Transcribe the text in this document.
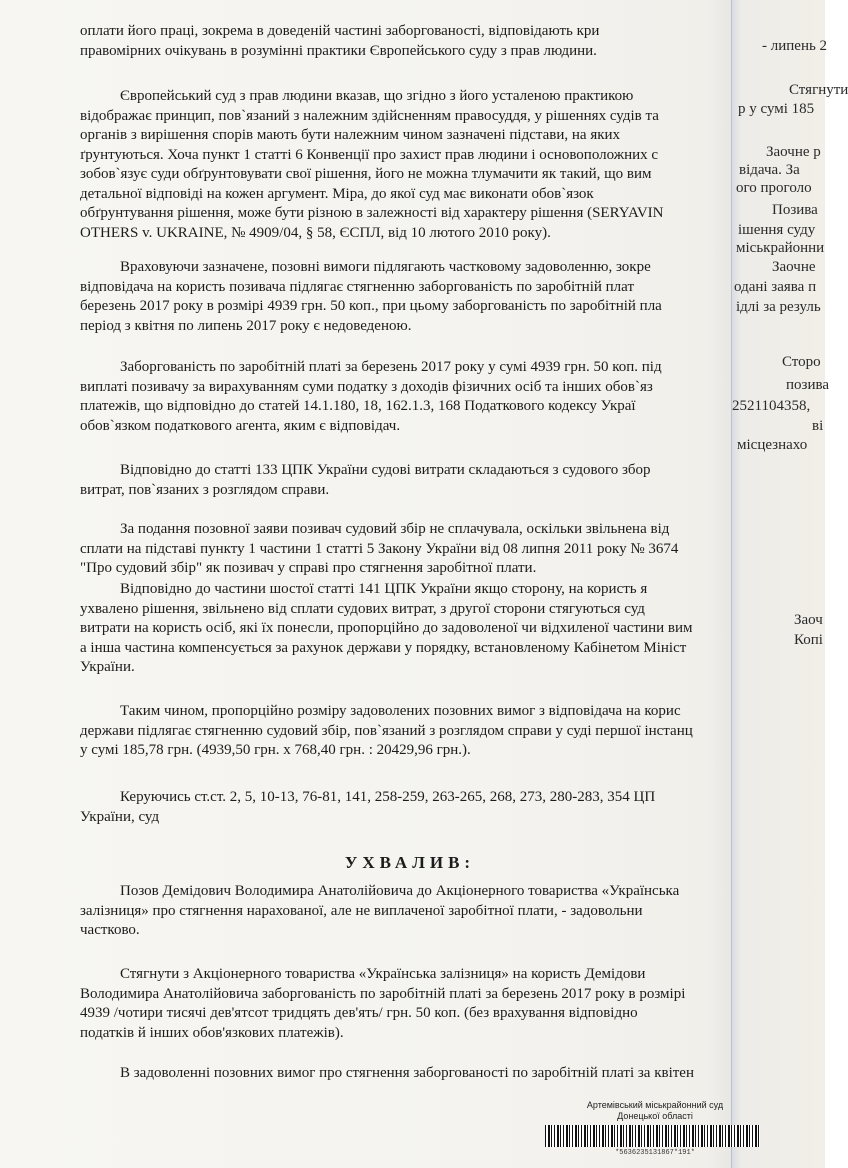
оплати його праці, зокрема в доведеній частині заборгованості, відповідають кри
правомірних очікувань в розумінні практики Європейського суду з прав людини.
Європейський суд з прав людини вказав, що згідно з його усталеною практикою
відображає принцип, пов`язаний з належним здійсненням правосуддя, у рішеннях судів та
органів з вирішення спорів мають бути належним чином зазначені підстави, на яких
ґрунтуються. Хоча пункт 1 статті 6 Конвенції про захист прав людини і основоположних с
зобов`язує суди обґрунтовувати свої рішення, його не можна тлумачити як такий, що вим
детальної відповіді на кожен аргумент. Міра, до якої суд має виконати обов`язок
обґрунтування рішення, може бути різною в залежності від характеру рішення (SERYAVIN
OTHERS v. UKRAINE, № 4909/04, § 58, ЄСПЛ, від 10 лютого 2010 року).
Враховуючи зазначене, позовні вимоги підлягають частковому задоволенню, зокре
відповідача на користь позивача підлягає стягненню заборгованість по заробітній плат
березень 2017 року в розмірі 4939 грн. 50 коп., при цьому заборгованість по заробітній пла
період з квітня по липень 2017 року є недоведеною.
Заборгованість по заробітній платі за березень 2017 року у сумі 4939 грн. 50 коп. під
виплаті позивачу за вирахуванням суми податку з доходів фізичних осіб та інших обов`яз
платежів, що відповідно до статей 14.1.180, 18, 162.1.3, 168 Податкового кодексу Украї
обов`язком податкового агента, яким є відповідач.
Відповідно до статті 133 ЦПК України судові витрати складаються з судового збор
витрат, пов`язаних з розглядом справи.
За подання позовної заяви позивач судовий збір не сплачувала, оскільки звільнена від
сплати на підставі пункту 1 частини 1 статті 5 Закону України від 08 липня 2011 року № 3674
"Про судовий збір" як позивач у справі про стягнення заробітної плати.
Відповідно до частини шостої статті 141 ЦПК України якщо сторону, на користь я
ухвалено рішення, звільнено від сплати судових витрат, з другої сторони стягуються суд
витрати на користь осіб, які їх понесли, пропорційно до задоволеної чи відхиленої частини вим
а інша частина компенсується за рахунок держави у порядку, встановленому Кабінетом Мініст
України.
Таким чином, пропорційно розміру задоволених позовних вимог з відповідача на корис
держави підлягає стягненню судовий збір, пов`язаний з розглядом справи у суді першої інстанц
у сумі 185,78 грн. (4939,50 грн. х 768,40 грн. : 20429,96 грн.).
Керуючись ст.ст. 2, 5, 10-13, 76-81, 141, 258-259, 263-265, 268, 273, 280-283, 354 ЦП
України, суд
УХВАЛИВ:
Позов Демідович Володимира Анатолійовича до Акціонерного товариства «Українська
залізниця» про стягнення нарахованої, але не виплаченої заробітної плати, - задовольни
частково.
Стягнути з Акціонерного товариства «Українська залізниця» на користь Демідови
Володимира Анатолійовича заборгованість по заробітній платі за березень 2017 року в розмірі
4939 /чотири тисячі дев'ятсот тридцять дев'ять/ грн. 50 коп. (без врахування відповідно
податків й інших обов'язкових платежів).
В задоволенні позовних вимог про стягнення заборгованості по заробітній платі за квітен
- липень 2
Стягнути
р у сумі 185
Заочне р
відача. За
ого проголо
Позива
ішення суду
міськрайонни
Заочне
одані заява п
ідлі за резуль
Сторо
позива
2521104358,
ві
місцезнахо
Заоч
Копі
Артемівський міськрайонний суд
Донецької області
*5636235131867*191*
